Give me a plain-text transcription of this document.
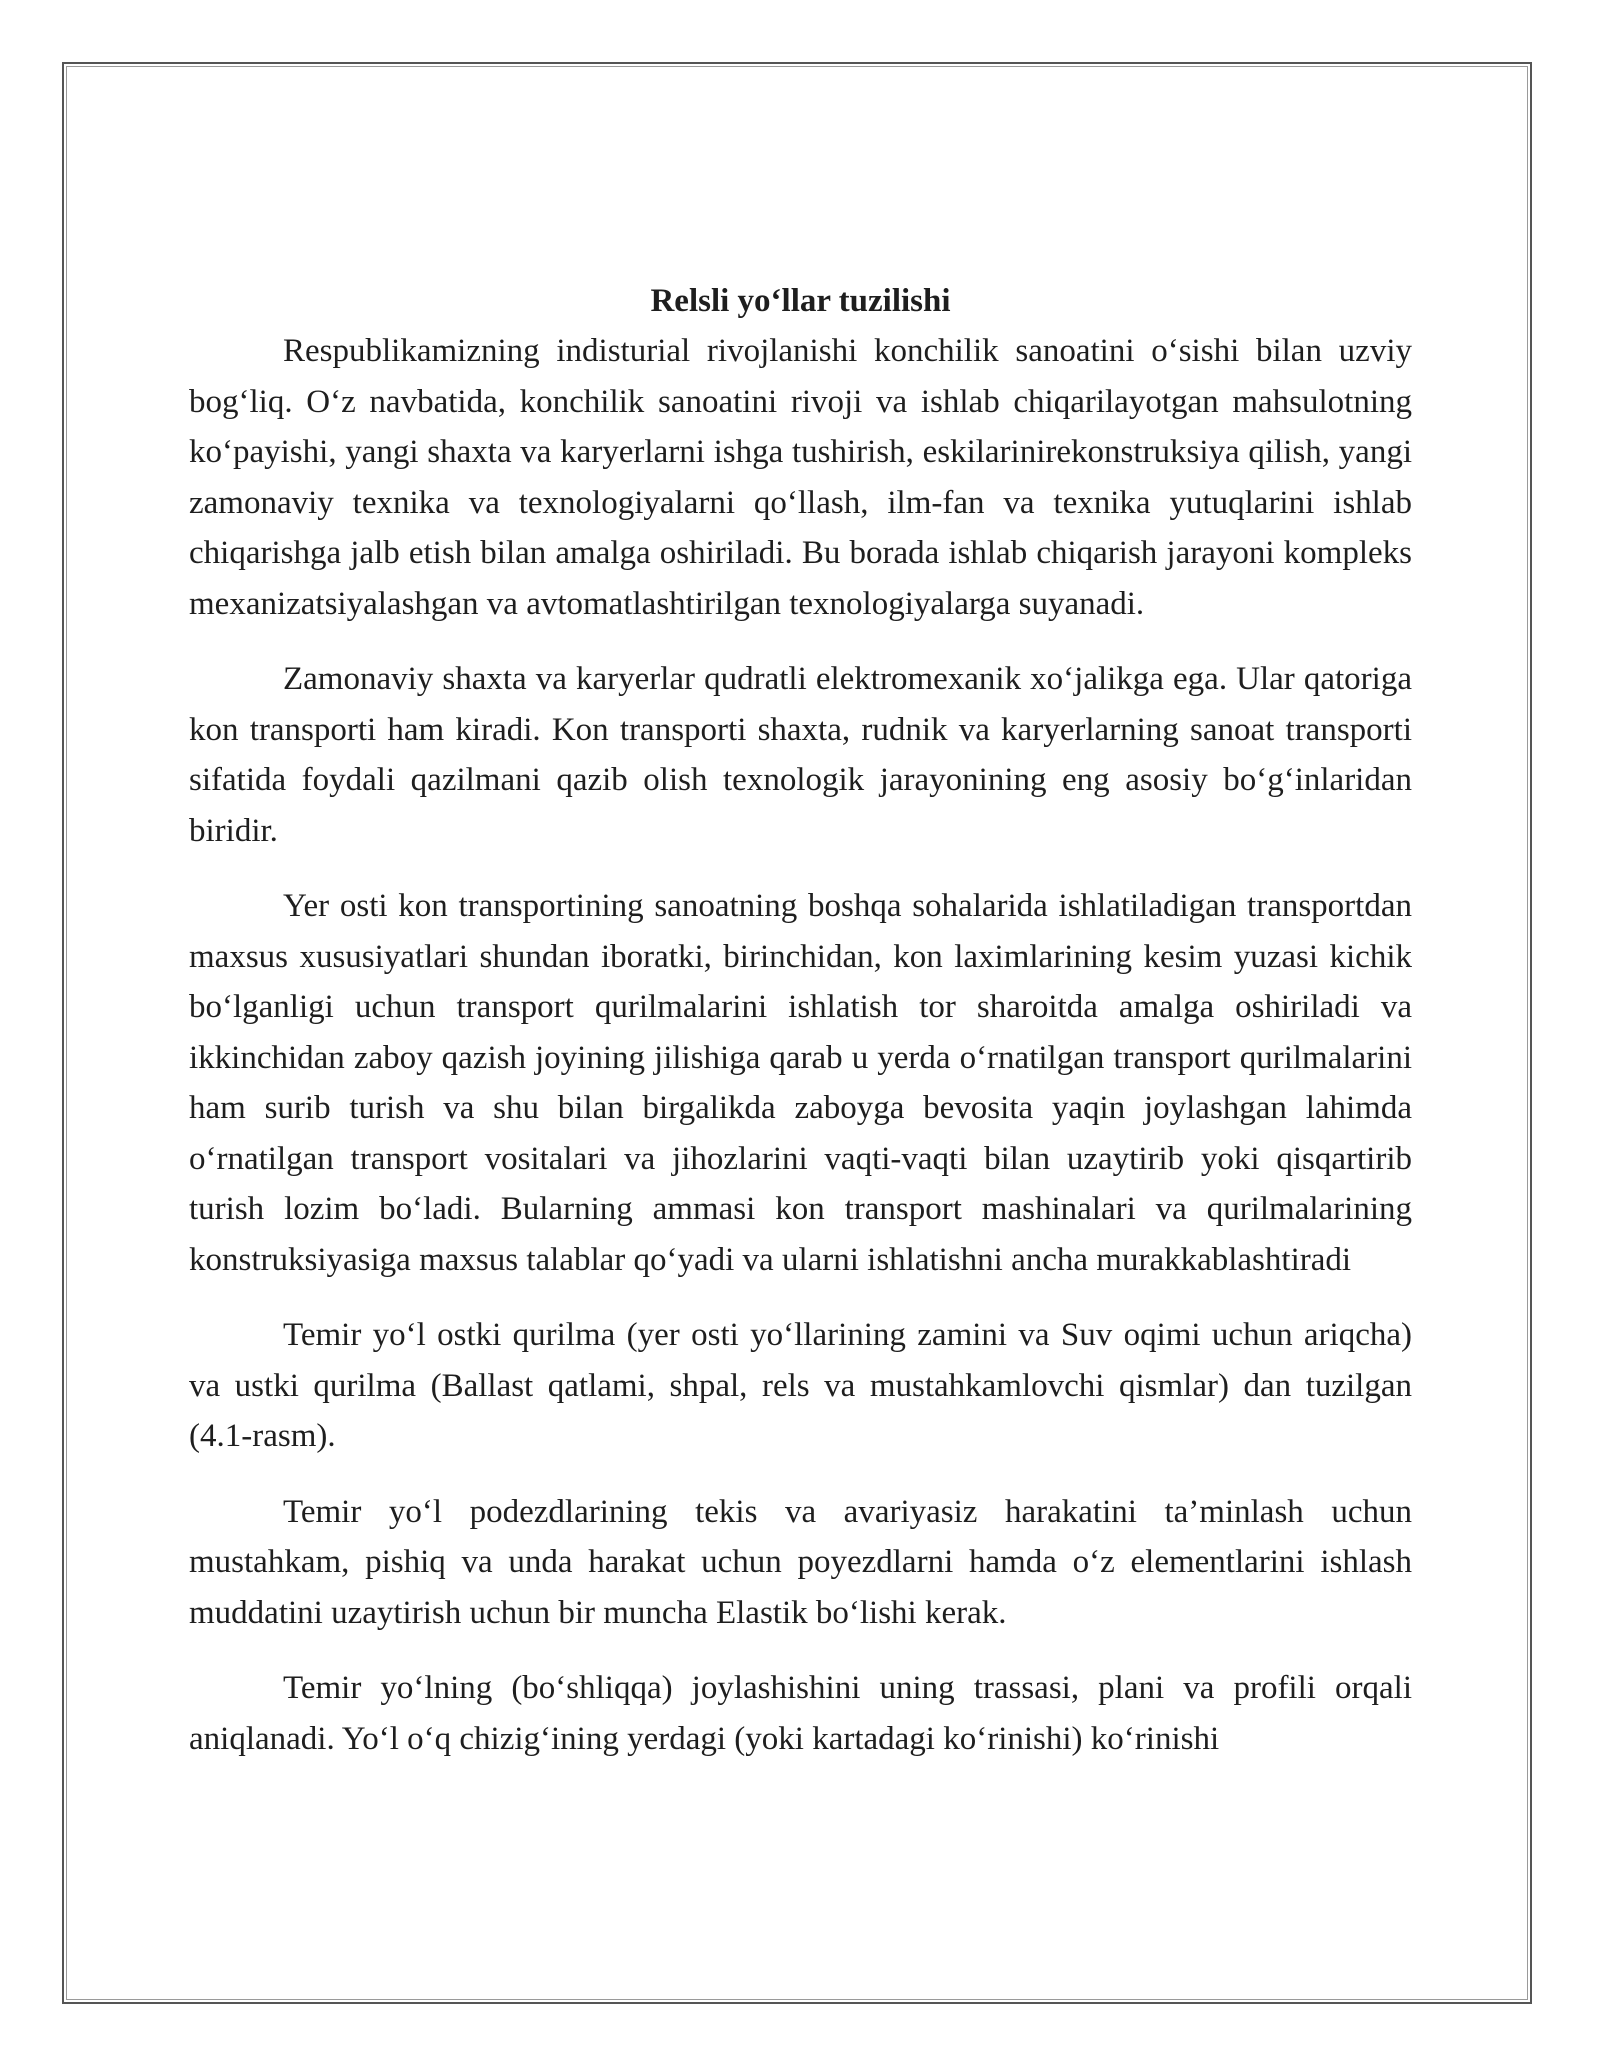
Relsli yo‘llar tuzilishi

Respublikamizning indisturial rivojlanishi konchilik sanoatini o‘sishi bilan uzviy bog‘liq. O‘z navbatida, konchilik sanoatini rivoji va ishlab chiqarilayotgan mahsulotning ko‘payishi, yangi shaxta va karyerlarni ishga tushirish, eskilarinirekonstruksiya qilish, yangi zamonaviy texnika va texnologiyalarni qo‘llash, ilm-fan va texnika yutuqlarini ishlab chiqarishga jalb etish bilan amalga oshiriladi. Bu borada ishlab chiqarish jarayoni kompleks mexanizatsiyalashgan va avtomatlashtirilgan texnologiyalarga suyanadi.

Zamonaviy shaxta va karyerlar qudratli elektromexanik xo‘jalikga ega. Ular qatoriga kon transporti ham kiradi. Kon transporti shaxta, rudnik va karyerlarning sanoat transporti sifatida foydali qazilmani qazib olish texnologik jarayonining eng asosiy bo‘g‘inlaridan biridir.

Yer osti kon transportining sanoatning boshqa sohalarida ishlatiladigan transportdan maxsus xususiyatlari shundan iboratki, birinchidan, kon laximlarining kesim yuzasi kichik bo‘lganligi uchun transport qurilmalarini ishlatish tor sharoitda amalga oshiriladi va ikkinchidan zaboy qazish joyining jilishiga qarab u yerda o‘rnatilgan transport qurilmalarini ham surib turish va shu bilan birgalikda zaboyga bevosita yaqin joylashgan lahimda o‘rnatilgan transport vositalari va jihozlarini vaqti-vaqti bilan uzaytirib yoki qisqartirib turish lozim bo‘ladi. Bularning ammasi kon transport mashinalari va qurilmalarining konstruksiyasiga maxsus talablar qo‘yadi va ularni ishlatishni ancha murakkablashtiradi

Temir yo‘l ostki qurilma (yer osti yo‘llarining zamini va Suv oqimi uchun ariqcha) va ustki qurilma (Ballast qatlami, shpal, rels va mustahkamlovchi qismlar) dan tuzilgan (4.1-rasm).

Temir yo‘l podezdlarining tekis va avariyasiz harakatini ta’minlash uchun mustahkam, pishiq va unda harakat uchun poyezdlarni hamda o‘z elementlarini ishlash muddatini uzaytirish uchun bir muncha Elastik bo‘lishi kerak.

Temir yo‘lning (bo‘shliqqa) joylashishini uning trassasi, plani va profili orqali aniqlanadi. Yo‘l o‘q chizig‘ining yerdagi (yoki kartadagi ko‘rinishi) ko‘rinishi
